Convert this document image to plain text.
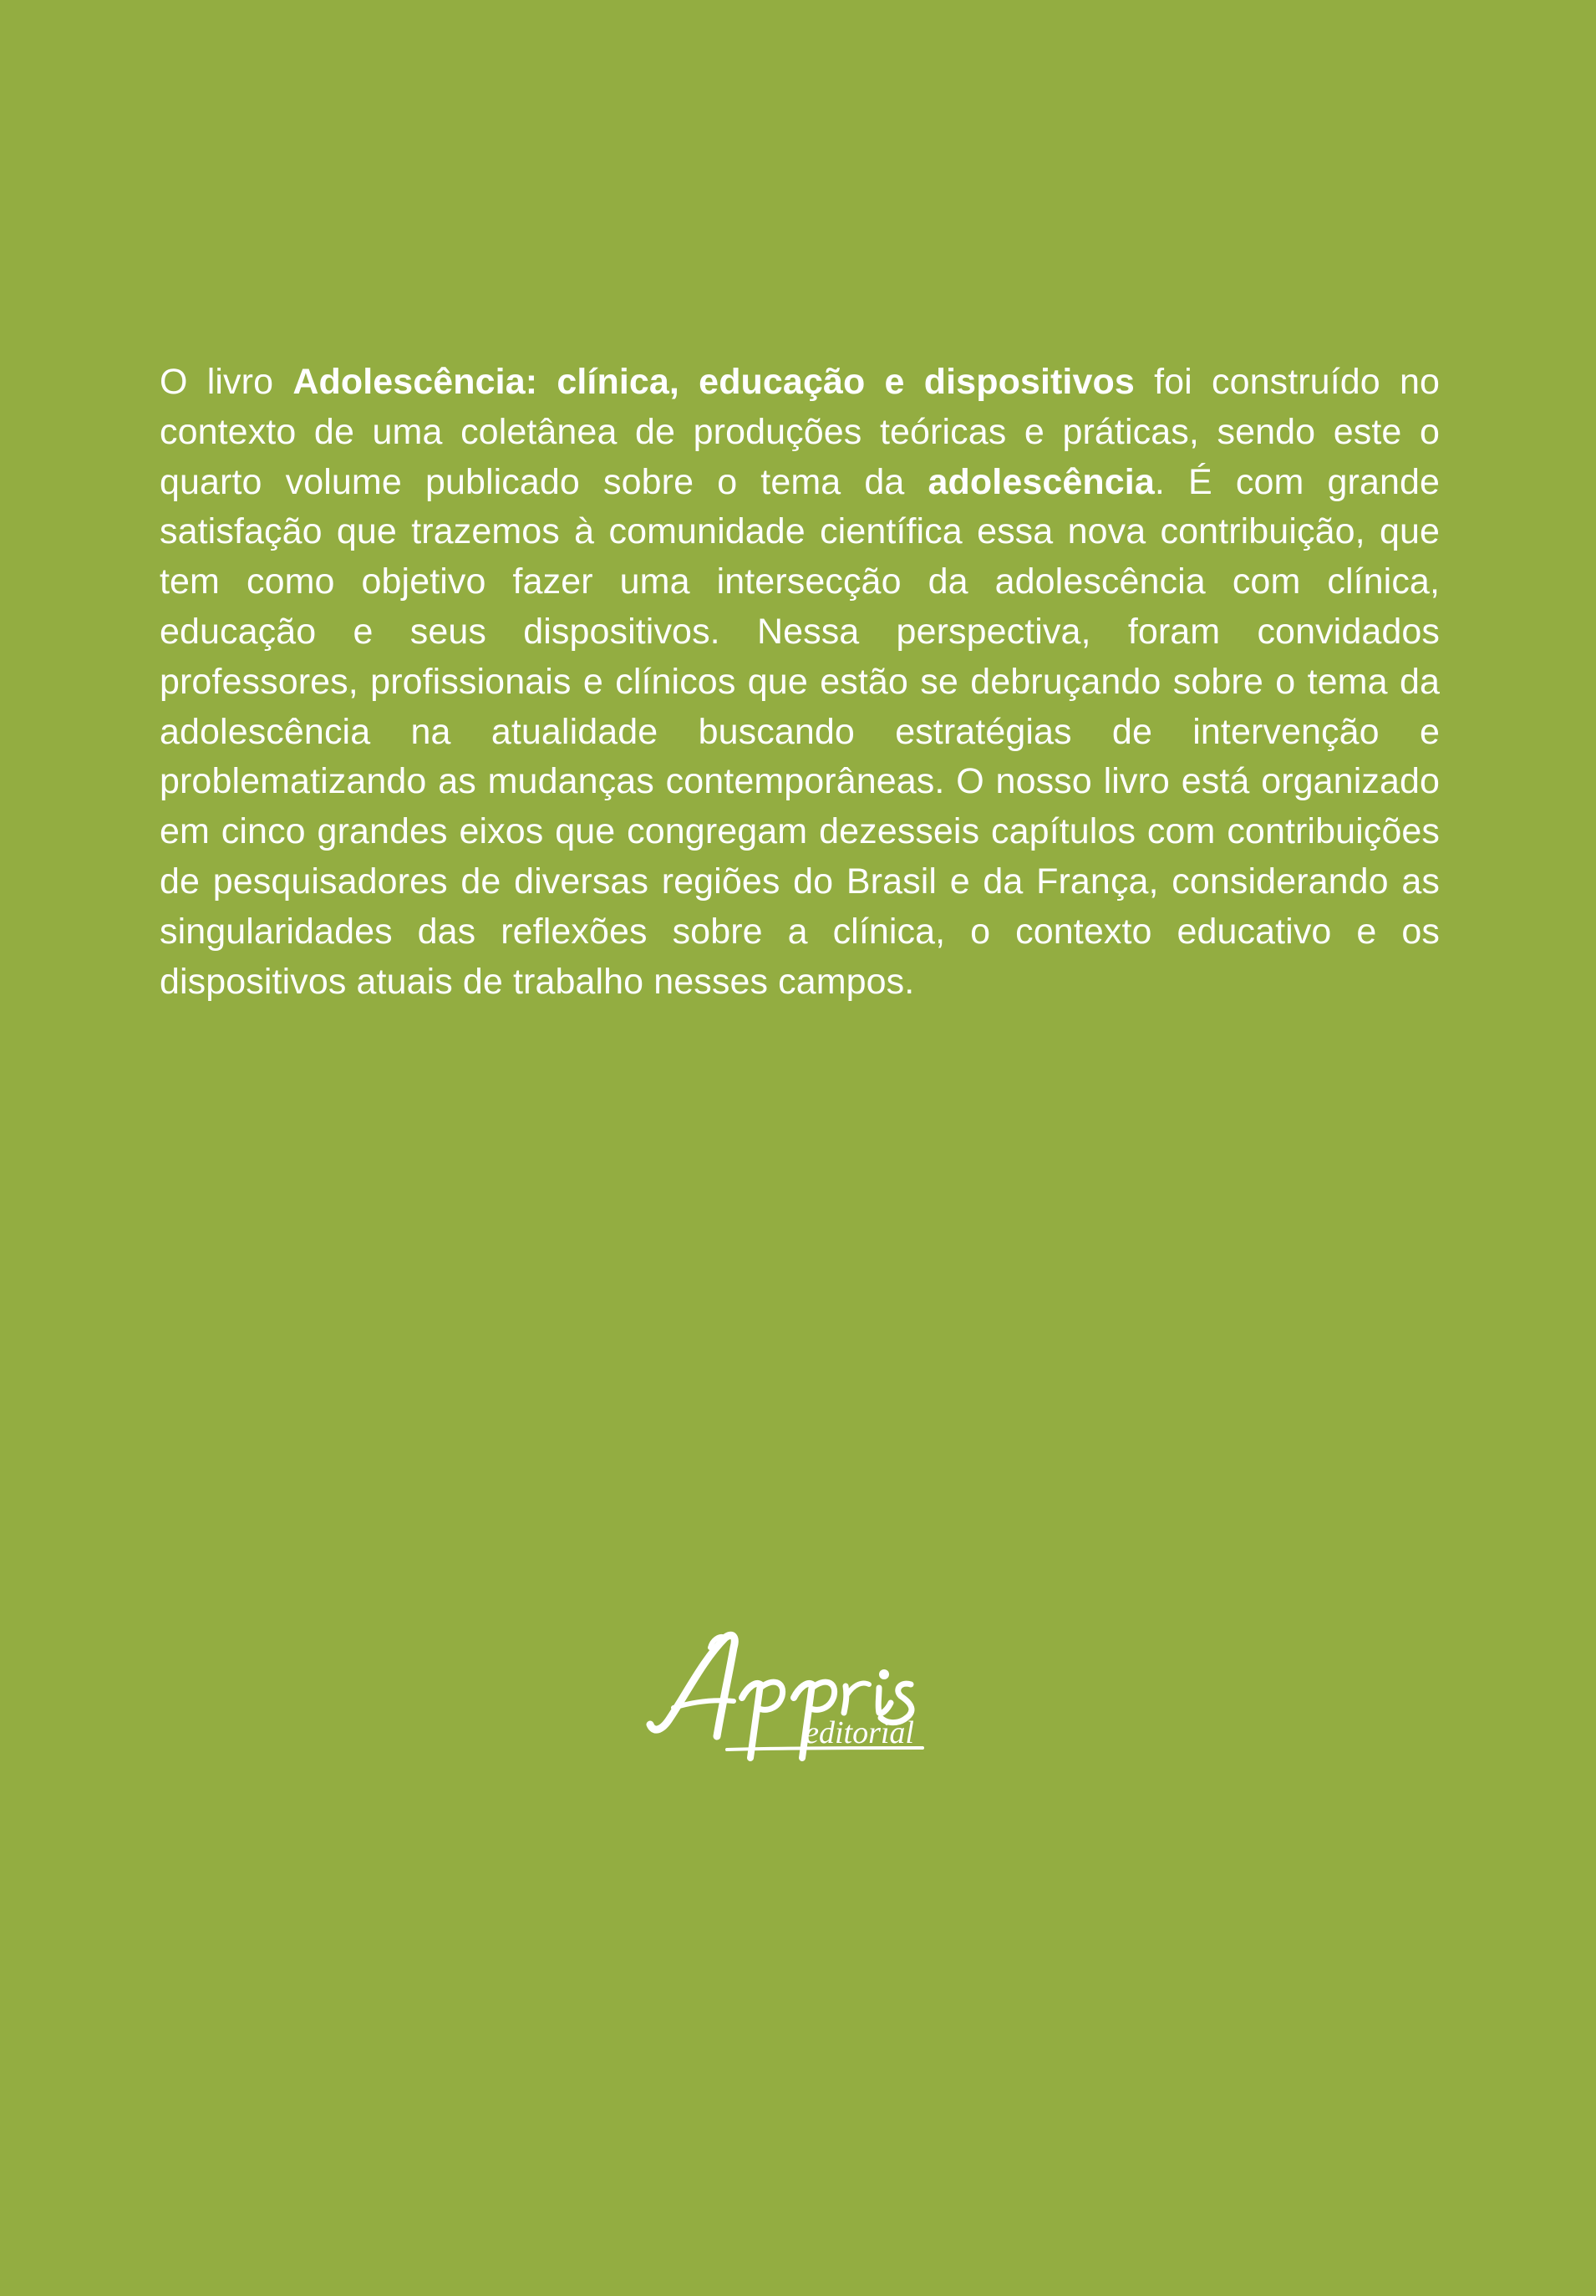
O livro Adolescência: clínica, educação e dispositivos foi construído no contexto de uma coletânea de produções teóricas e práticas, sendo este o quarto volume publicado sobre o tema da adolescência. É com grande satisfação que trazemos à comunidade científica essa nova contribuição, que tem como objetivo fazer uma intersecção da adolescência com clínica, educação e seus dispositivos. Nessa perspectiva, foram convidados professores, profissionais e clínicos que estão se debruçando sobre o tema da adolescência na atualidade buscando estratégias de intervenção e problematizando as mudanças contemporâneas. O nosso livro está organizado em cinco grandes eixos que congregam dezesseis capítulos com contribuições de pesquisadores de diversas regiões do Brasil e da França, considerando as singularidades das reflexões sobre a clínica, o contexto educativo e os dispositivos atuais de trabalho nesses campos.

editorial
